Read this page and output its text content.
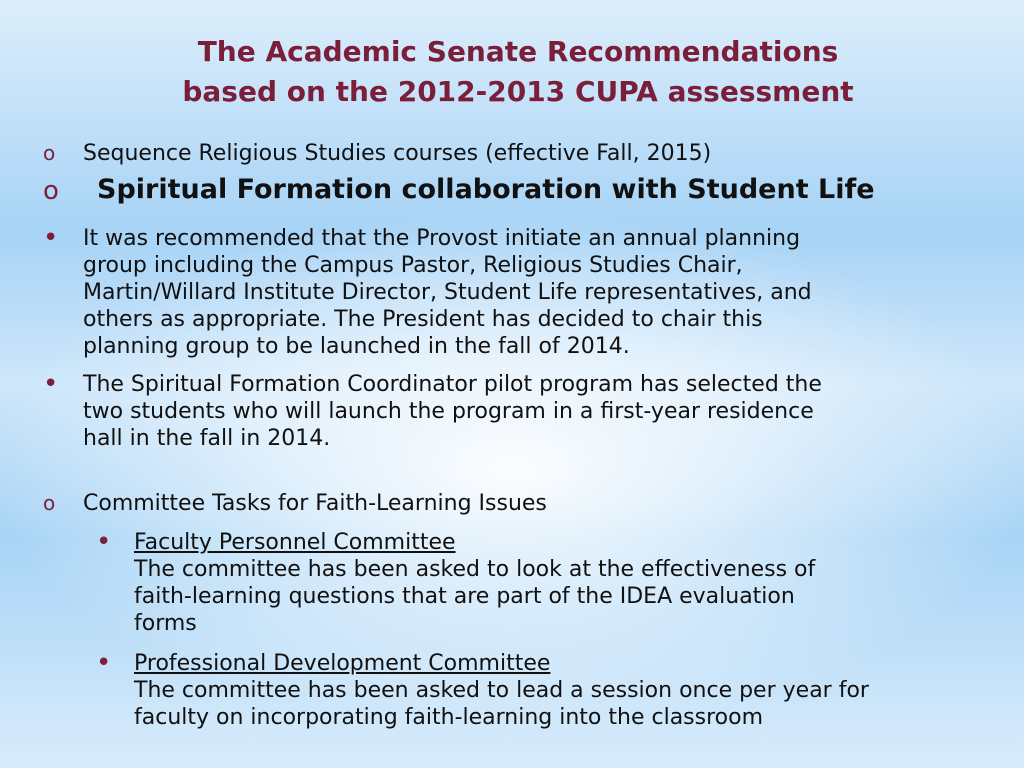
The Academic Senate Recommendations
based on the 2012-2013 CUPA assessment
o Sequence Religious Studies courses (effective Fall, 2015)
o Spiritual Formation collaboration with Student Life
• It was recommended that the Provost initiate an annual planning
group including the Campus Pastor, Religious Studies Chair,
Martin/Willard Institute Director, Student Life representatives, and
others as appropriate. The President has decided to chair this
planning group to be launched in the fall of 2014.
• The Spiritual Formation Coordinator pilot program has selected the
two students who will launch the program in a first-year residence
hall in the fall in 2014.
o Committee Tasks for Faith-Learning Issues
• Faculty Personnel Committee
The committee has been asked to look at the effectiveness of
faith-learning questions that are part of the IDEA evaluation
forms
• Professional Development Committee
The committee has been asked to lead a session once per year for
faculty on incorporating faith-learning into the classroom
